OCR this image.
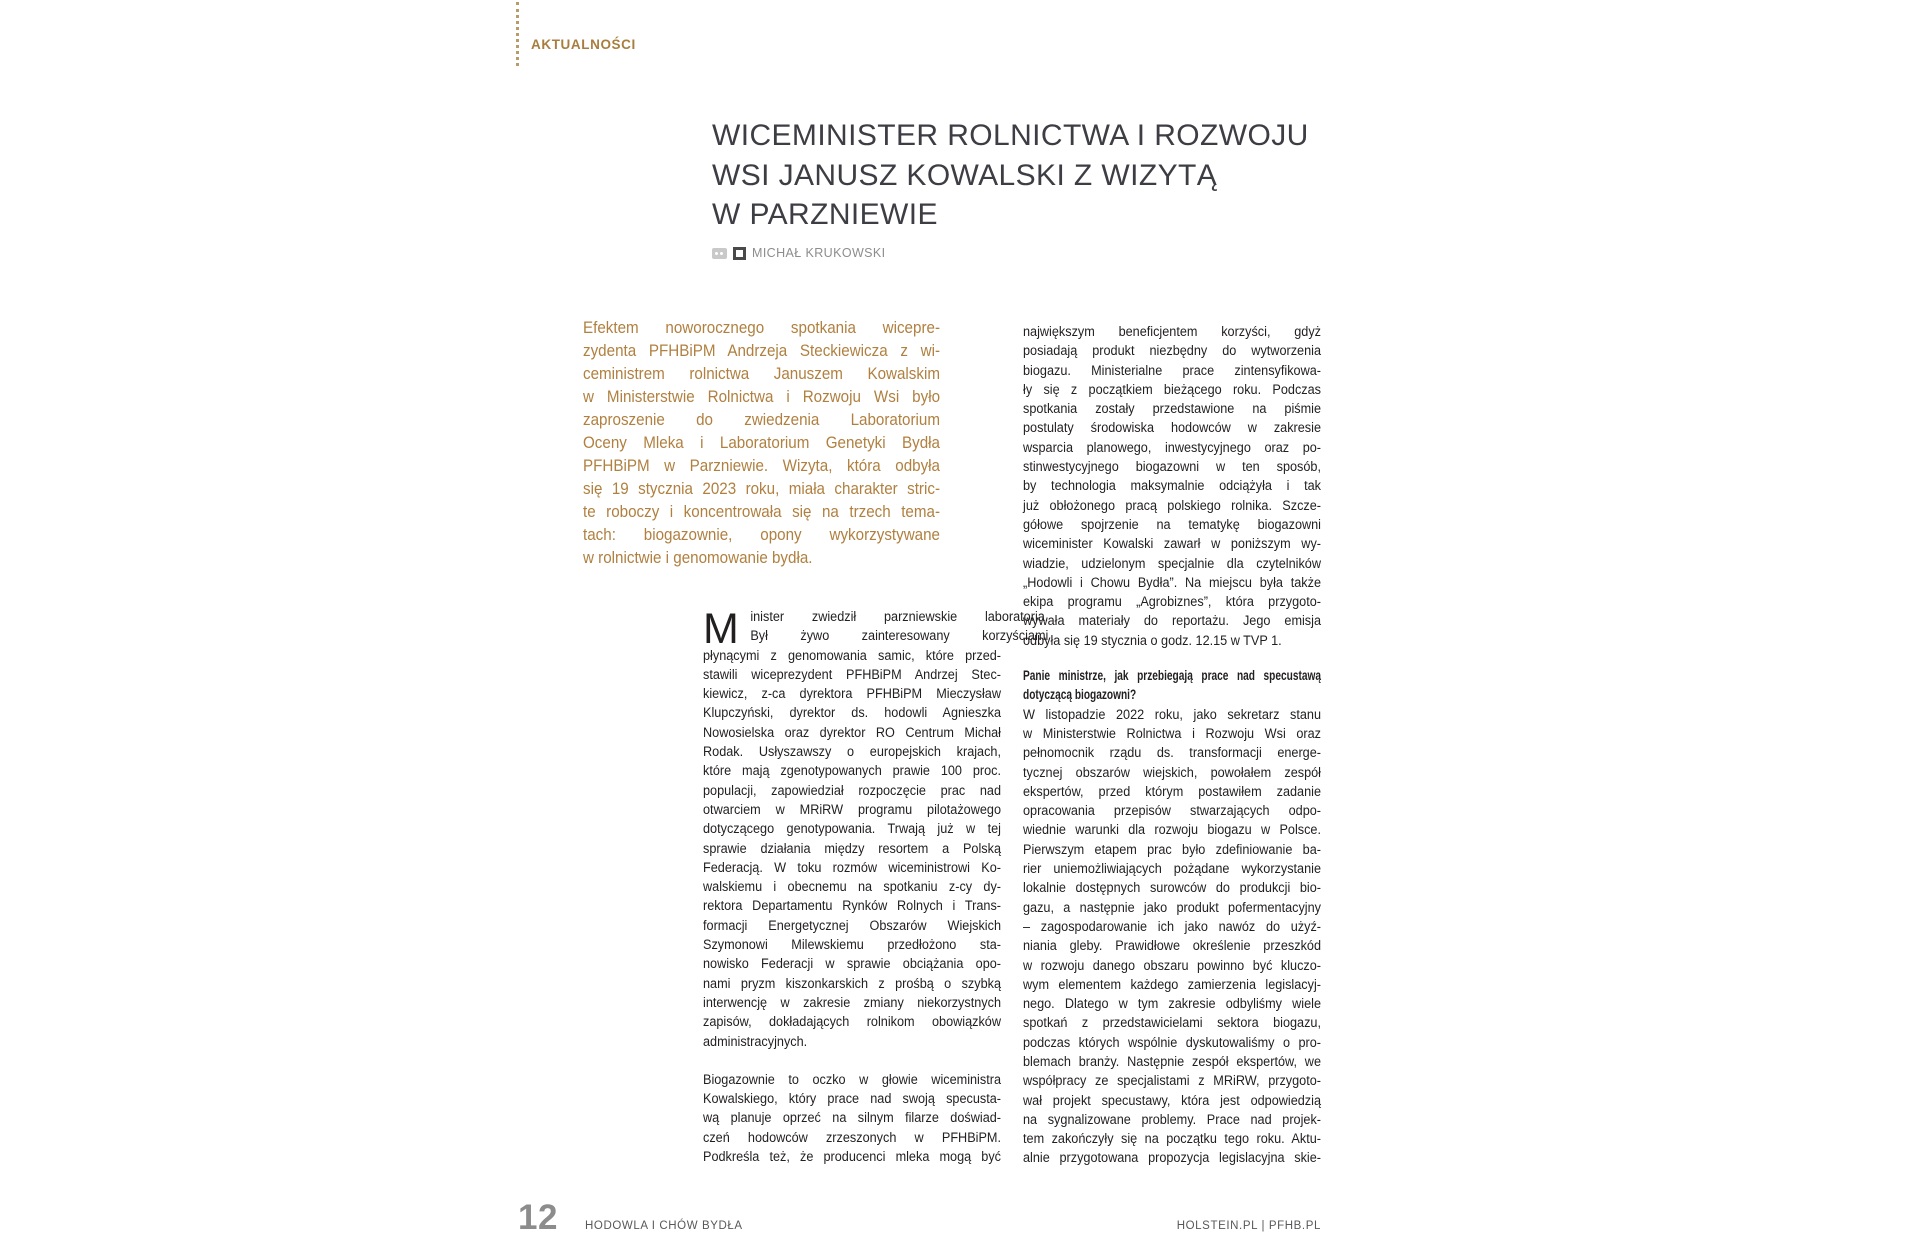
AKTUALNOŚCI
WICEMINISTER ROLNICTWA I ROZWOJU
WSI JANUSZ KOWALSKI Z WIZYTĄ
W PARZNIEWIE
MICHAŁ KRUKOWSKI
Efektem noworocznego spotkania wicepre-
zydenta PFHBiPM Andrzeja Steckiewicza z wi-
ceministrem rolnictwa Januszem Kowalskim
w Ministerstwie Rolnictwa i Rozwoju Wsi było
zaproszenie do zwiedzenia Laboratorium
Oceny Mleka i Laboratorium Genetyki Bydła
PFHBiPM w Parzniewie. Wizyta, która odbyła
się 19 stycznia 2023 roku, miała charakter stric-
te roboczy i koncentrowała się na trzech tema-
tach: biogazownie, opony wykorzystywane
w rolnictwie i genomowanie bydła.
M inister zwiedził parzniewskie laboratoria.
Był żywo zainteresowany korzyściami
płynącymi z genomowania samic, które przed-
stawili wiceprezydent PFHBiPM Andrzej Stec-
kiewicz, z-ca dyrektora PFHBiPM Mieczysław
Klupczyński, dyrektor ds. hodowli Agnieszka
Nowosielska oraz dyrektor RO Centrum Michał
Rodak. Usłyszawszy o europejskich krajach,
które mają zgenotypowanych prawie 100 proc.
populacji, zapowiedział rozpoczęcie prac nad
otwarciem w MRiRW programu pilotażowego
dotyczącego genotypowania. Trwają już w tej
sprawie działania między resortem a Polską
Federacją. W toku rozmów wiceministrowi Ko-
walskiemu i obecnemu na spotkaniu z-cy dy-
rektora Departamentu Rynków Rolnych i Trans-
formacji Energetycznej Obszarów Wiejskich
Szymonowi Milewskiemu przedłożono sta-
nowisko Federacji w sprawie obciążania opo-
nami pryzm kiszonkarskich z prośbą o szybką
interwencję w zakresie zmiany niekorzystnych
zapisów, dokładających rolnikom obowiązków
administracyjnych.
Biogazownie to oczko w głowie wiceministra
Kowalskiego, który prace nad swoją specusta-
wą planuje oprzeć na silnym filarze doświad-
czeń hodowców zrzeszonych w PFHBiPM.
Podkreśla też, że producenci mleka mogą być
największym beneficjentem korzyści, gdyż
posiadają produkt niezbędny do wytworzenia
biogazu. Ministerialne prace zintensyfikowa-
ły się z początkiem bieżącego roku. Podczas
spotkania zostały przedstawione na piśmie
postulaty środowiska hodowców w zakresie
wsparcia planowego, inwestycyjnego oraz po-
stinwestycyjnego biogazowni w ten sposób,
by technologia maksymalnie odciążyła i tak
już obłożonego pracą polskiego rolnika. Szcze-
gółowe spojrzenie na tematykę biogazowni
wiceminister Kowalski zawarł w poniższym wy-
wiadzie, udzielonym specjalnie dla czytelników
„Hodowli i Chowu Bydła”. Na miejscu była także
ekipa programu „Agrobiznes”, która przygoto-
wywała materiały do reportażu. Jego emisja
odbyła się 19 stycznia o godz. 12.15 w TVP 1.
Panie ministrze, jak przebiegają prace nad specustawą
dotyczącą biogazowni?
W listopadzie 2022 roku, jako sekretarz stanu
w Ministerstwie Rolnictwa i Rozwoju Wsi oraz
pełnomocnik rządu ds. transformacji energe-
tycznej obszarów wiejskich, powołałem zespół
ekspertów, przed którym postawiłem zadanie
opracowania przepisów stwarzających odpo-
wiednie warunki dla rozwoju biogazu w Polsce.
Pierwszym etapem prac było zdefiniowanie ba-
rier uniemożliwiających pożądane wykorzystanie
lokalnie dostępnych surowców do produkcji bio-
gazu, a następnie jako produkt pofermentacyjny
– zagospodarowanie ich jako nawóz do użyź-
niania gleby. Prawidłowe określenie przeszkód
w rozwoju danego obszaru powinno być kluczo-
wym elementem każdego zamierzenia legislacyj-
nego. Dlatego w tym zakresie odbyliśmy wiele
spotkań z przedstawicielami sektora biogazu,
podczas których wspólnie dyskutowaliśmy o pro-
blemach branży. Następnie zespół ekspertów, we
współpracy ze specjalistami z MRiRW, przygoto-
wał projekt specustawy, która jest odpowiedzią
na sygnalizowane problemy. Prace nad projek-
tem zakończyły się na początku tego roku. Aktu-
alnie przygotowana propozycja legislacyjna skie-
12 HODOWLA I CHÓW BYDŁA	HOLSTEIN.PL | PFHB.PL
